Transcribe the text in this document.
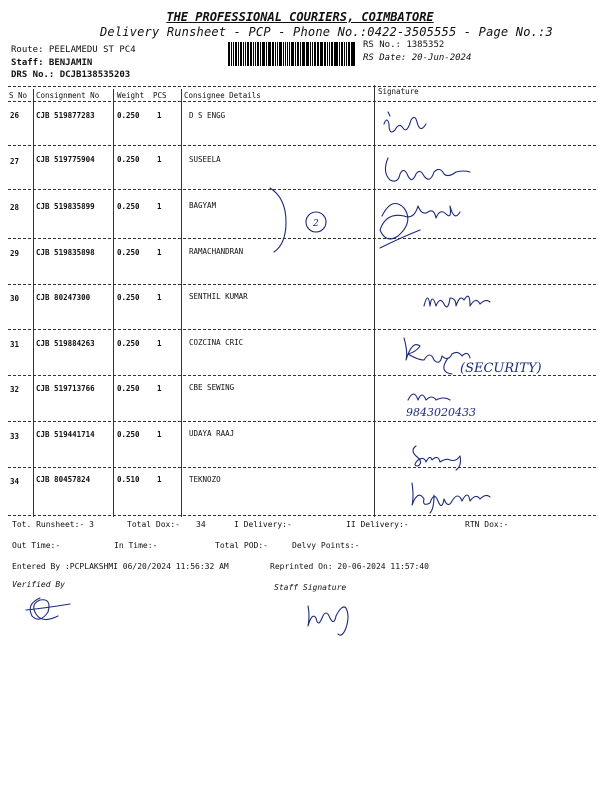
THE PROFESSIONAL COURIERS, COIMBATORE
Delivery Runsheet - PCP - Phone No.:0422-3505555 - Page No.:3
Route: PEELAMEDU ST PC4
Staff: BENJAMIN
DRS No.: DCJB138535203
RS No.: 1385352
RS Date: 20-Jun-2024
S No Consignment No Weight PCS Consignee Details	Signature
26 CJB 519877283	0.250 1	D S ENGG
27 CJB 519775904	0.250 1	SUSEELA
28 CJB 519835899	0.250 1	BAGYAM
29 CJB 519835898	0.250 1	RAMACHANDRAN
30 CJB 80247300	0.250 1	SENTHIL KUMAR
31 CJB 519884263	0.250 1	COZCINA CRIC
32 CJB 519713766	0.250 1	CBE SEWING
33 CJB 519441714	0.250 1	UDAYA RAAJ
34 CJB 80457824	0.510 1	TEKNOZO
2
(SECURITY)
9843020433
Tot. Runsheet:- 3	Total Dox:- 34	I Delivery:-	II Delivery:-	RTN Dox:-
Out Time:-	In Time:-	Total POD:-	Delvy Points:-
Entered By :PCPLAKSHMI 06/20/2024 11:56:32 AM	Reprinted On: 20-06-2024 11:57:40
Verified By	Staff Signature
